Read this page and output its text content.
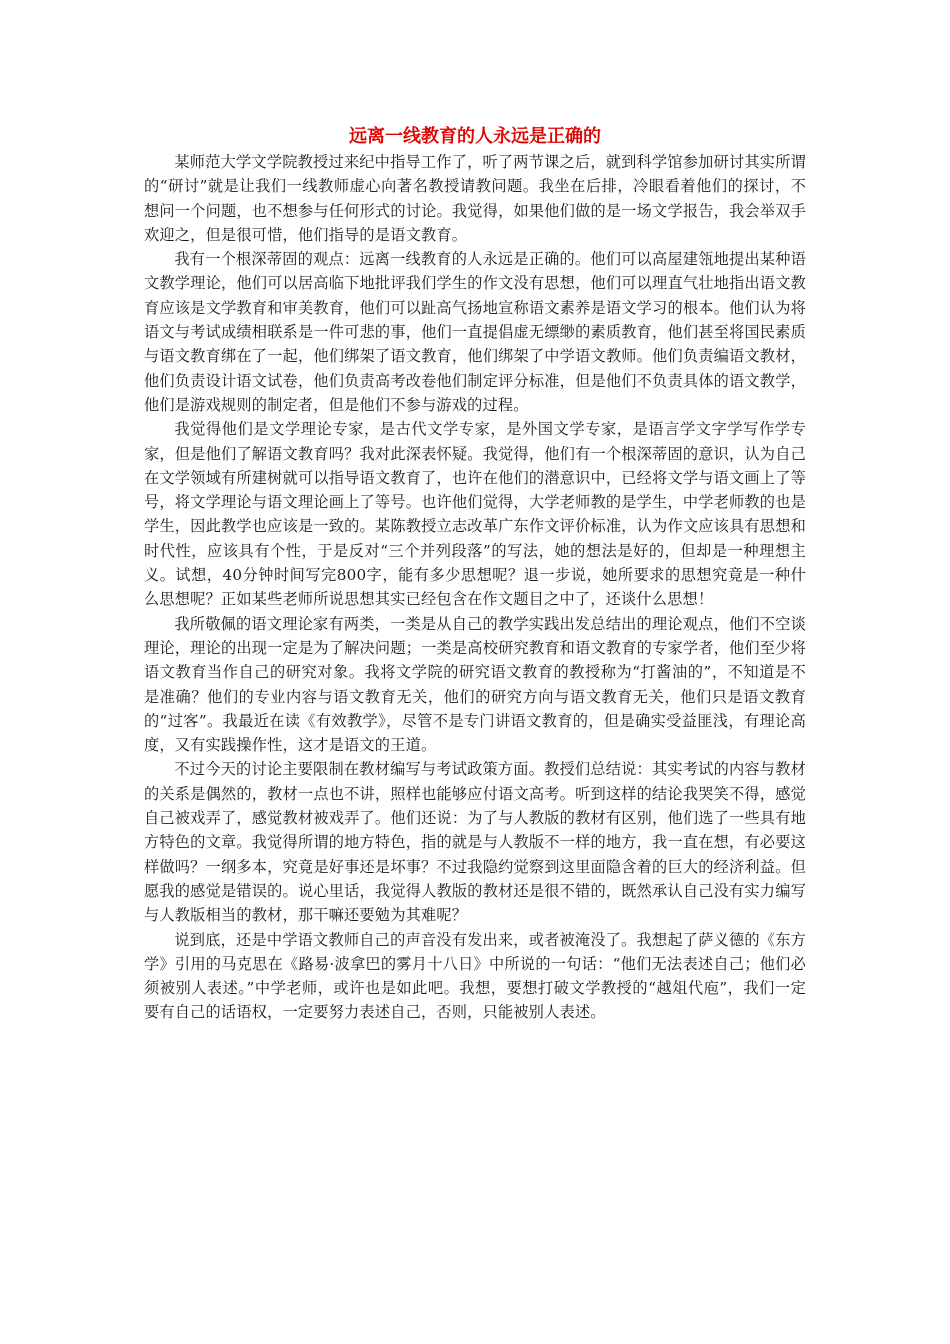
远离一线教育的人永远是正确的

某师范大学文学院教授过来纪中指导工作了，听了两节课之后，就到科学馆参加研讨其实所谓的“研讨”就是让我们一线教师虚心向著名教授请教问题。我坐在后排，冷眼看着他们的探讨，不想问一个问题，也不想参与任何形式的讨论。我觉得，如果他们做的是一场文学报告，我会举双手欢迎之，但是很可惜，他们指导的是语文教育。

我有一个根深蒂固的观点：远离一线教育的人永远是正确的。他们可以高屋建瓴地提出某种语文教学理论，他们可以居高临下地批评我们学生的作文没有思想，他们可以理直气壮地指出语文教育应该是文学教育和审美教育，他们可以趾高气扬地宣称语文素养是语文学习的根本。他们认为将语文与考试成绩相联系是一件可悲的事，他们一直提倡虚无缥缈的素质教育，他们甚至将国民素质与语文教育绑在了一起，他们绑架了语文教育，他们绑架了中学语文教师。他们负责编语文教材，他们负责设计语文试卷，他们负责高考改卷他们制定评分标准，但是他们不负责具体的语文教学，他们是游戏规则的制定者，但是他们不参与游戏的过程。

我觉得他们是文学理论专家，是古代文学专家，是外国文学专家，是语言学文字学写作学专家，但是他们了解语文教育吗？我对此深表怀疑。我觉得，他们有一个根深蒂固的意识，认为自己在文学领域有所建树就可以指导语文教育了，也许在他们的潜意识中，已经将文学与语文画上了等号，将文学理论与语文理论画上了等号。也许他们觉得，大学老师教的是学生，中学老师教的也是学生，因此教学也应该是一致的。某陈教授立志改革广东作文评价标准，认为作文应该具有思想和时代性，应该具有个性，于是反对“三个并列段落”的写法，她的想法是好的，但却是一种理想主义。试想，40分钟时间写完800字，能有多少思想呢？退一步说，她所要求的思想究竟是一种什么思想呢？正如某些老师所说思想其实已经包含在作文题目之中了，还谈什么思想！

我所敬佩的语文理论家有两类，一类是从自己的教学实践出发总结出的理论观点，他们不空谈理论，理论的出现一定是为了解决问题；一类是高校研究教育和语文教育的专家学者，他们至少将语文教育当作自己的研究对象。我将文学院的研究语文教育的教授称为“打酱油的”，不知道是不是准确？他们的专业内容与语文教育无关，他们的研究方向与语文教育无关，他们只是语文教育的“过客”。我最近在读《有效教学》，尽管不是专门讲语文教育的，但是确实受益匪浅，有理论高度，又有实践操作性，这才是语文的王道。

不过今天的讨论主要限制在教材编写与考试政策方面。教授们总结说：其实考试的内容与教材的关系是偶然的，教材一点也不讲，照样也能够应付语文高考。听到这样的结论我哭笑不得，感觉自己被戏弄了，感觉教材被戏弄了。他们还说：为了与人教版的教材有区别，他们选了一些具有地方特色的文章。我觉得所谓的地方特色，指的就是与人教版不一样的地方，我一直在想，有必要这样做吗？一纲多本，究竟是好事还是坏事？不过我隐约觉察到这里面隐含着的巨大的经济利益。但愿我的感觉是错误的。说心里话，我觉得人教版的教材还是很不错的，既然承认自己没有实力编写与人教版相当的教材，那干嘛还要勉为其难呢？

说到底，还是中学语文教师自己的声音没有发出来，或者被淹没了。我想起了萨义德的《东方学》引用的马克思在《路易·波拿巴的雾月十八日》中所说的一句话：“他们无法表述自己；他们必须被别人表述。”中学老师，或许也是如此吧。我想，要想打破文学教授的“越俎代庖”，我们一定要有自己的话语权，一定要努力表述自己，否则，只能被别人表述。
